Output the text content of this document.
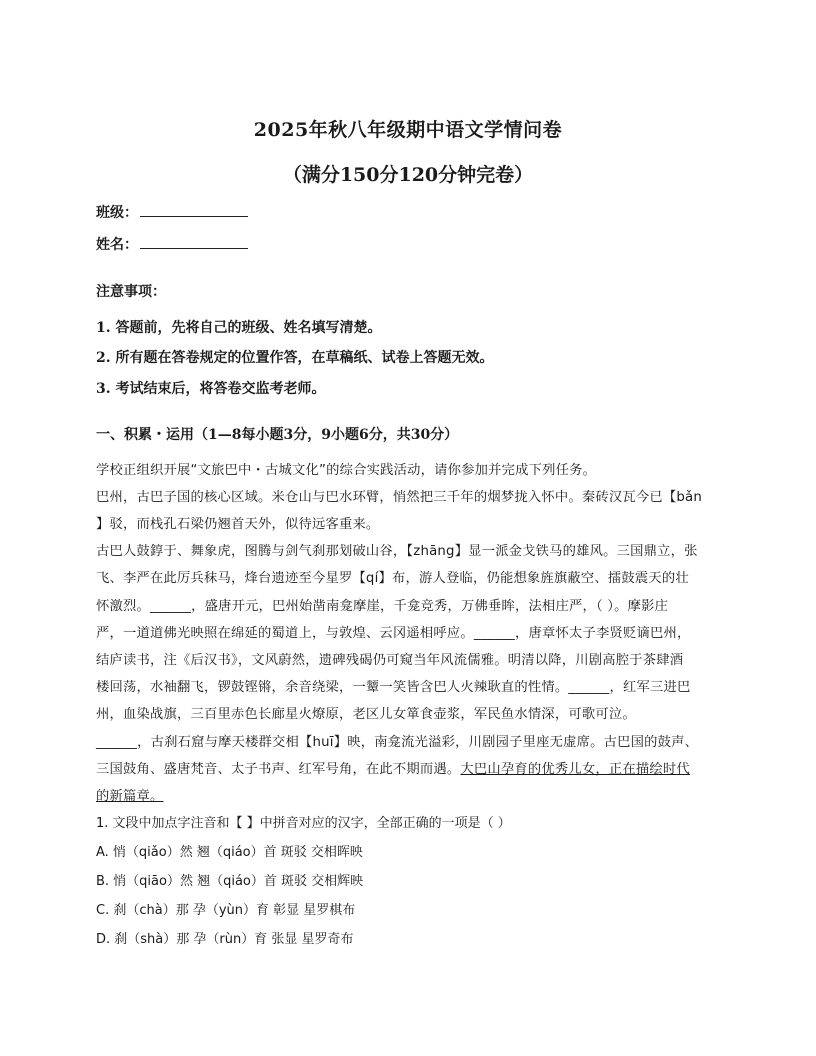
2025年秋八年级期中语文学情问卷
（满分150分120分钟完卷）
班级：
姓名：
注意事项：
1. 答题前，先将自己的班级、姓名填写清楚。
2. 所有题在答卷规定的位置作答，在草稿纸、试卷上答题无效。
3. 考试结束后，将答卷交监考老师。
一、积累・运用（1—8每小题3分，9小题6分，共30分）
学校正组织开展“文旅巴中・古城文化”的综合实践活动，请你参加并完成下列任务。
巴州，古巴子国的核心区域。米仓山与巴水环臂，悄然把三千年的烟梦拢入怀中。秦砖汉瓦今已【bǎn
】驳，而栈孔石梁仍翘首天外，似待远客重来。
古巴人鼓錞于、舞象虎，图腾与剑气刹那划破山谷，【zhāng】显一派金戈铁马的雄风。三国鼎立，张
飞、李严在此厉兵秣马，烽台遗迹至今星罗【qí】布，游人登临，仍能想象旌旗蔽空、擂鼓震天的壮
怀激烈。______，盛唐开元，巴州始凿南龛摩崖，千龛竞秀，万佛垂眸，法相庄严，（ ）。摩影庄
严，一道道佛光映照在绵延的蜀道上，与敦煌、云冈遥相呼应。______，唐章怀太子李贤贬谪巴州，
结庐读书，注《后汉书》，文风蔚然，遗碑残碣仍可窥当年风流儒雅。明清以降，川剧高腔于茶肆酒
楼回荡，水袖翻飞，锣鼓铿锵，余音绕梁，一颦一笑皆含巴人火辣耿直的性情。______，红军三进巴
州，血染战旗，三百里赤色长廊星火燎原，老区儿女箪食壶浆，军民鱼水情深，可歌可泣。
______，古刹石窟与摩天楼群交相【huī】映，南龛流光溢彩，川剧园子里座无虚席。古巴国的鼓声、
三国鼓角、盛唐梵音、太子书声、红军号角，在此不期而遇。大巴山孕育的优秀儿女，正在描绘时代
的新篇章。
1. 文段中加点字注音和【 】中拼音对应的汉字，全部正确的一项是（ ）
A. 悄（qiǎo）然 翘（qiáo）首 斑驳 交相晖映
B. 悄（qiāo）然 翘（qiáo）首 斑驳 交相辉映
C. 刹（chà）那 孕（yùn）育 彰显 星罗棋布
D. 刹（shà）那 孕（rùn）育 张显 星罗奇布
